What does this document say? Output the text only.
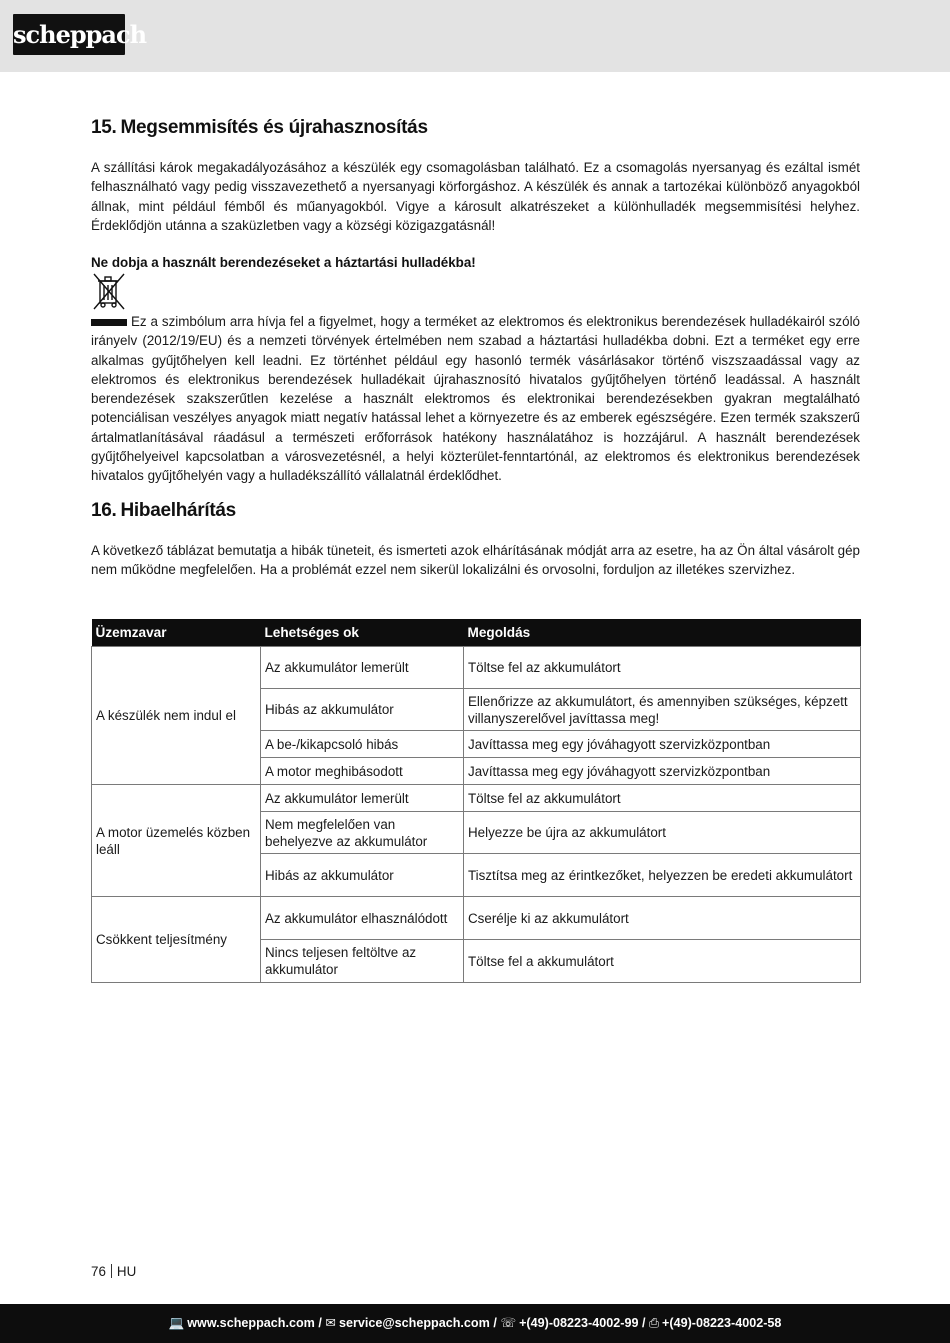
scheppach
15. Megsemmisítés és újrahasznosítás

A szállítási károk megakadályozásához a készülék egy csomagolásban található. Ez a csomagolás nyersanyag és ezáltal ismét felhasználható vagy pedig visszavezethető a nyersanyagi körforgáshoz. A készülék és annak a tartozékai különböző anyagokból állnak, mint például fémből és műanyagokból. Vigye a károsult alkatrészeket a különhulladék megsemmisítési helyhez. Érdeklődjön utánna a szaküzletben vagy a községi közigazgatásnál!

Ne dobja a használt berendezéseket a háztartási hulladékba!

Ez a szimbólum arra hívja fel a figyelmet, hogy a terméket az elektromos és elektronikus berendezések hulladékairól szóló irányelv (2012/19/EU) és a nemzeti törvények értelmében nem szabad a háztartási hulladékba dobni. Ezt a terméket egy erre alkalmas gyűjtőhelyen kell leadni. Ez történhet például egy hasonló termék vásárlásakor történő viszszaadással vagy az elektromos és elektronikus berendezések hulladékait újrahasznosító hivatalos gyűjtőhelyen történő leadással. A használt berendezések szakszerűtlen kezelése a használt elektromos és elektronikai berendezésekben gyakran megtalálható potenciálisan veszélyes anyagok miatt negatív hatással lehet a környezetre és az emberek egészségére. Ezen termék szakszerű ártalmatlanításával ráadásul a természeti erőforrások hatékony használatához is hozzájárul. A használt berendezések gyűjtőhelyeivel kapcsolatban a városvezetésnél, a helyi közterület-fenntartónál, az elektromos és elektronikus berendezések hivatalos gyűjtőhelyén vagy a hulladékszállító vállalatnál érdeklődhet.

16. Hibaelhárítás

A következő táblázat bemutatja a hibák tüneteit, és ismerteti azok elhárításának módját arra az esetre, ha az Ön által vásárolt gép nem működne megfelelően. Ha a problémát ezzel nem sikerül lokalizálni és orvosolni, forduljon az illetékes szervizhez.

Üzemzavar	Lehetséges ok	Megoldás
A készülék nem indul el	Az akkumulátor lemerült	Töltse fel az akkumulátort
	Hibás az akkumulátor	Ellenőrizze az akkumulátort, és amennyiben szükséges, képzett villanyszerelővel javíttassa meg!
	A be-/kikapcsoló hibás	Javíttassa meg egy jóváhagyott szervizközpontban
	A motor meghibásodott	Javíttassa meg egy jóváhagyott szervizközpontban
A motor üzemelés közben leáll	Az akkumulátor lemerült	Töltse fel az akkumulátort
	Nem megfelelően van behelyezve az akkumulátor	Helyezze be újra az akkumulátort
	Hibás az akkumulátor	Tisztítsa meg az érintkezőket, helyezzen be eredeti akkumulátort
Csökkent teljesítmény	Az akkumulátor elhasználódott	Cserélje ki az akkumulátort
	Nincs teljesen feltöltve az akkumulátor	Töltse fel a akkumulátort
76 HU
💻 www.scheppach.com / ✉ service@scheppach.com / ☏ +(49)-08223-4002-99 / ⎙ +(49)-08223-4002-58
